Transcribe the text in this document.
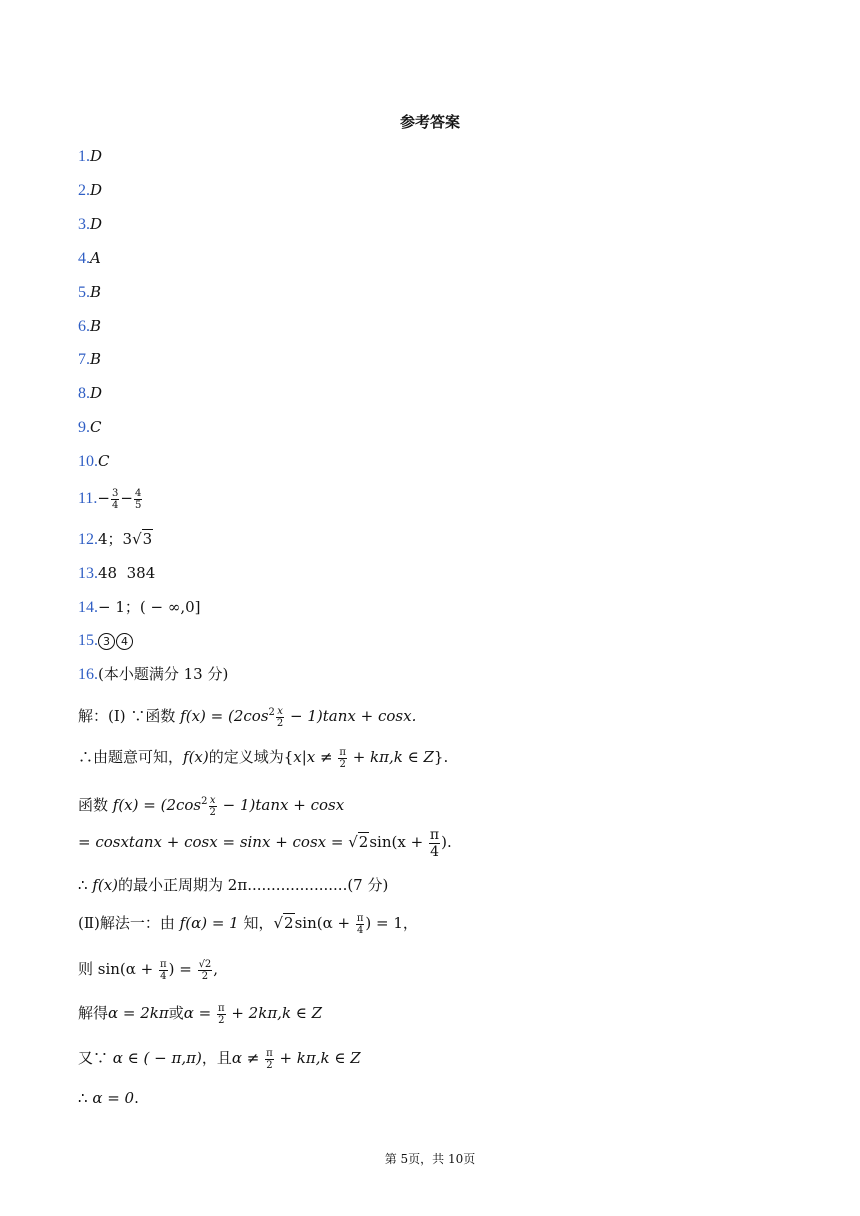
参考答案
1.D
2.D
3.D
4.A
5.B
6.B
7.B
8.D
9.C
10.C
$11.- \frac{3}{4} - \frac{4}{5}$
12.4；3√3
13.48  384
14.− 1；( − ∞,0]
15. 3 4
16.(本小题满分 13 分)
解：(Ⅰ) ∵函数 $f(x) = (2\cos^2 \frac{x}{2} - 1)\tan x + \cos x$.
∴由题意可知，f(x)的定义域为{$x|x \ne \frac{\pi}{2} + k\pi,k$ ∈ Z}.
函数 $f(x) = (2\cos^2 \frac{x}{2} - 1)\tan x + \cos x$
= cosxtanx + $\cos x = \sin x + \cos x = √2\sin(x + \frac{\pi}{4}$ ).
∴ f(x)的最小正周期为 2π.....................(7 分)
(Ⅱ)解法一：由 f(α) = 1 知，$√2\sin(\alpha + \frac{\pi}{4}$ ) = 1，
则 $\sin(\alpha + \frac{\pi}{4}$ ) = $\frac{√2}{2}$ ,
解得α = 2kπ或$\alpha = \frac{\pi}{2} + 2k\pi,k$ ∈ Z
又∵ α ∈ ( − π,π)，且$\alpha \ne \frac{\pi}{2} + k\pi,k$ ∈ Z
∴ α = 0.
第 5页，共 10页
